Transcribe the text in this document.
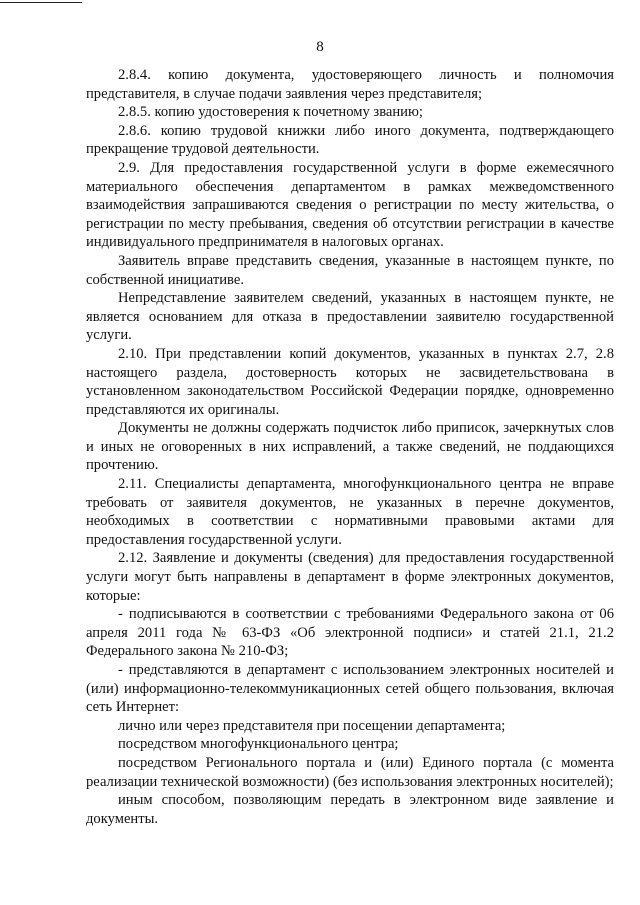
8

2.8.4. копию документа, удостоверяющего личность и полномочия представителя, в случае подачи заявления через представителя;

2.8.5. копию удостоверения к почетному званию;

2.8.6. копию трудовой книжки либо иного документа, подтверждающего прекращение трудовой деятельности.

2.9. Для предоставления государственной услуги в форме ежемесячного материального обеспечения департаментом в рамках межведомственного взаимодействия запрашиваются сведения о регистрации по месту жительства, о регистрации по месту пребывания, сведения об отсутствии регистрации в качестве индивидуального предпринимателя в налоговых органах.

Заявитель вправе представить сведения, указанные в настоящем пункте, по собственной инициативе.

Непредставление заявителем сведений, указанных в настоящем пункте, не является основанием для отказа в предоставлении заявителю государственной услуги.

2.10. При представлении копий документов, указанных в пунктах 2.7, 2.8 настоящего раздела, достоверность которых не засвидетельствована в установленном законодательством Российской Федерации порядке, одновременно представляются их оригиналы.

Документы не должны содержать подчисток либо приписок, зачеркнутых слов и иных не оговоренных в них исправлений, а также сведений, не поддающихся прочтению.

2.11. Специалисты департамента, многофункционального центра не вправе требовать от заявителя документов, не указанных в перечне документов, необходимых в соответствии с нормативными правовыми актами для предоставления государственной услуги.

2.12. Заявление и документы (сведения) для предоставления государственной услуги могут быть направлены в департамент в форме электронных документов, которые:

- подписываются в соответствии с требованиями Федерального закона от 06 апреля 2011 года № 63-ФЗ «Об электронной подписи» и статей 21.1, 21.2 Федерального закона № 210-ФЗ;

- представляются в департамент с использованием электронных носителей и (или) информационно-телекоммуникационных сетей общего пользования, включая сеть Интернет:

лично или через представителя при посещении департамента;

посредством многофункционального центра;

посредством Регионального портала и (или) Единого портала (с момента реализации технической возможности) (без использования электронных носителей);

иным способом, позволяющим передать в электронном виде заявление и документы.
